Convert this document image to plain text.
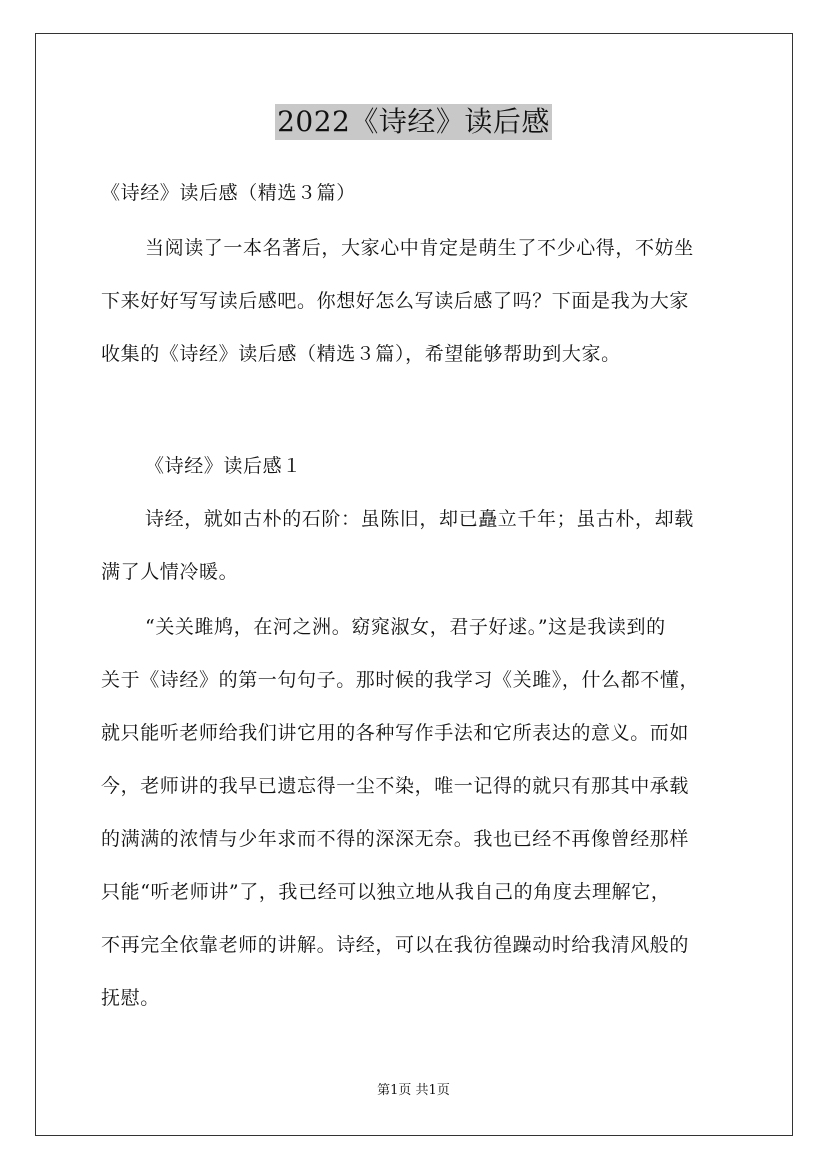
2022《诗经》读后感
《诗经》读后感（精选３篇）
当阅读了一本名著后，大家心中肯定是萌生了不少心得，不妨坐
下来好好写写读后感吧。你想好怎么写读后感了吗？下面是我为大家
收集的《诗经》读后感（精选３篇），希望能够帮助到大家。
《诗经》读后感１
诗经，就如古朴的石阶：虽陈旧，却已矗立千年；虽古朴，却载
满了人情冷暖。
“关关雎鸠，在河之洲。窈窕淑女，君子好逑。”这是我读到的
关于《诗经》的第一句句子。那时候的我学习《关雎》，什么都不懂，
就只能听老师给我们讲它用的各种写作手法和它所表达的意义。而如
今，老师讲的我早已遗忘得一尘不染，唯一记得的就只有那其中承载
的满满的浓情与少年求而不得的深深无奈。我也已经不再像曾经那样
只能“听老师讲”了，我已经可以独立地从我自己的角度去理解它，
不再完全依靠老师的讲解。诗经，可以在我彷徨躁动时给我清风般的
抚慰。
第1页 共1页
